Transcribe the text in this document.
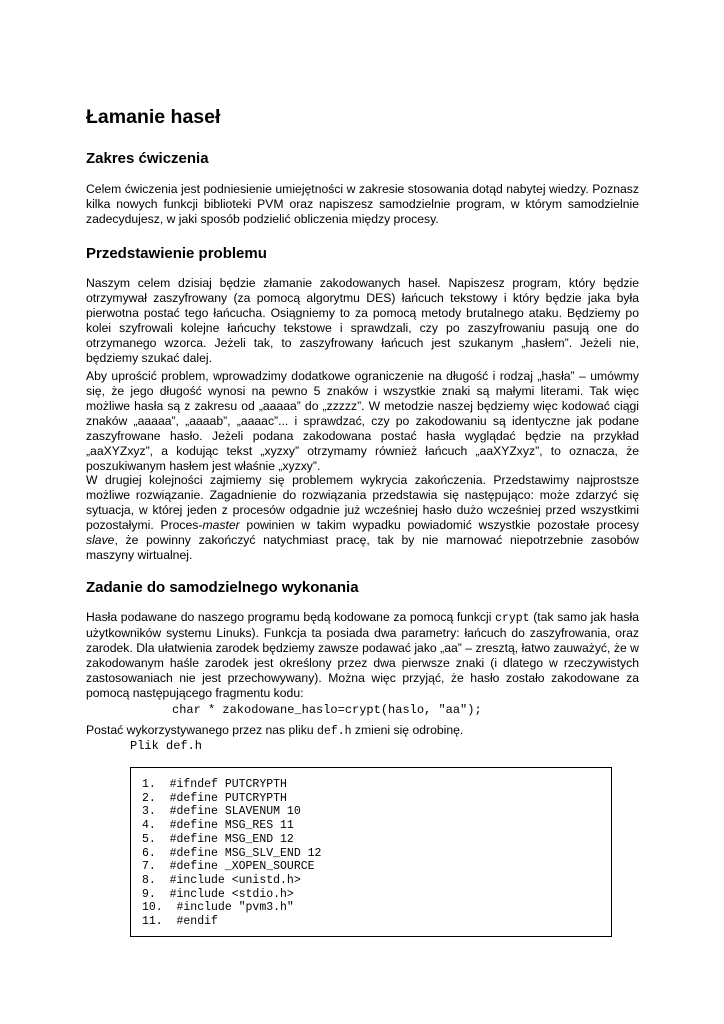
Łamanie haseł
Zakres ćwiczenia

Celem ćwiczenia jest podniesienie umiejętności w zakresie stosowania dotąd nabytej wiedzy. Poznasz kilka nowych funkcji biblioteki PVM oraz napiszesz samodzielnie program, w którym samodzielnie zadecydujesz, w jaki sposób podzielić obliczenia między procesy.

Przedstawienie problemu

Naszym celem dzisiaj będzie złamanie zakodowanych haseł. Napiszesz program, który będzie otrzymywał zaszyfrowany (za pomocą algorytmu DES) łańcuch tekstowy i który będzie jaka była pierwotna postać tego łańcucha. Osiągniemy to za pomocą metody brutalnego ataku. Będziemy po kolei szyfrowali kolejne łańcuchy tekstowe i sprawdzali, czy po zaszyfrowaniu pasują one do otrzymanego wzorca. Jeżeli tak, to zaszyfrowany łańcuch jest szukanym „hasłem”. Jeżeli nie, będziemy szukać dalej.

Aby uprościć problem, wprowadzimy dodatkowe ograniczenie na długość i rodzaj „hasła” – umówmy się, że jego długość wynosi na pewno 5 znaków i wszystkie znaki są małymi literami. Tak więc możliwe hasła są z zakresu od „aaaaa” do „zzzzz”. W metodzie naszej będziemy więc kodować ciągi znaków „aaaaa”, „aaaab”, „aaaac”... i sprawdzać, czy po zakodowaniu są identyczne jak podane zaszyfrowane hasło. Jeżeli podana zakodowana postać hasła wyglądać będzie na przykład „aaXYZxyz”, a kodując tekst „xyzxy” otrzymamy również łańcuch „aaXYZxyz”, to oznacza, że poszukiwanym hasłem jest właśnie „xyzxy”.

W drugiej kolejności zajmiemy się problemem wykrycia zakończenia. Przedstawimy najprostsze możliwe rozwiązanie. Zagadnienie do rozwiązania przedstawia się następująco: może zdarzyć się sytuacja, w której jeden z procesów odgadnie już wcześniej hasło dużo wcześniej przed wszystkimi pozostałymi. Proces-master powinien w takim wypadku powiadomić wszystkie pozostałe procesy slave, że powinny zakończyć natychmiast pracę, tak by nie marnować niepotrzebnie zasobów maszyny wirtualnej.

Zadanie do samodzielnego wykonania

Hasła podawane do naszego programu będą kodowane za pomocą funkcji crypt (tak samo jak hasła użytkowników systemu Linuks). Funkcja ta posiada dwa parametry: łańcuch do zaszyfrowania, oraz zarodek. Dla ułatwienia zarodek będziemy zawsze podawać jako „aa” – zresztą, łatwo zauważyć, że w zakodowanym haśle zarodek jest określony przez dwa pierwsze znaki (i dlatego w rzeczywistych zastosowaniach nie jest przechowywany). Można więc przyjąć, że hasło zostało zakodowane za pomocą następującego fragmentu kodu:

char * zakodowane_haslo=crypt(haslo, "aa");

Postać wykorzystywanego przez nas pliku def.h zmieni się odrobinę.

Plik def.h

1.  #ifndef PUTCRYPTH
2.  #define PUTCRYPTH
3.  #define SLAVENUM 10
4.  #define MSG_RES 11
5.  #define MSG_END 12
6.  #define MSG_SLV_END 12
7.  #define _XOPEN_SOURCE
8.  #include <unistd.h>
9.  #include <stdio.h>
10.  #include "pvm3.h"
11.  #endif
